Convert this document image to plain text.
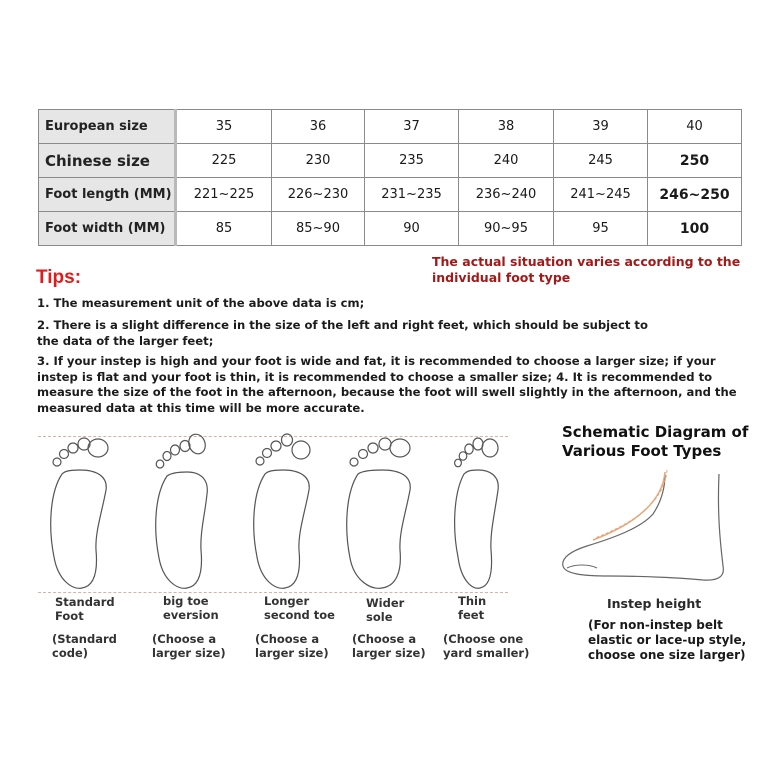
European size	35	36	37	38	39	40
Chinese size	225	230	235	240	245	250
Foot length (MM)	221~225	226~230	231~235	236~240	241~245	246~250
Foot width (MM)	85	85~90	90	90~95	95	100
The actual situation varies according to the individual foot type
Tips:
1. The measurement unit of the above data is cm;
2. There is a slight difference in the size of the left and right feet, which should be subject to the data of the larger feet;
3. If your instep is high and your foot is wide and fat, it is recommended to choose a larger size; if your instep is flat and your foot is thin, it is recommended to choose a smaller size; 4. It is recommended to measure the size of the foot in the afternoon, because the foot will swell slightly in the afternoon, and the measured data at this time will be more accurate.
Standard
Foot
(Standard
code)
big toe
eversion
(Choose a
larger size)
Longer
second toe
(Choose a
larger size)
Wider
sole
(Choose a
larger size)
Thin
feet
(Choose one
yard smaller)
Schematic Diagram of
Various Foot Types
Instep height
(For non-instep belt
elastic or lace-up style,
choose one size larger)
